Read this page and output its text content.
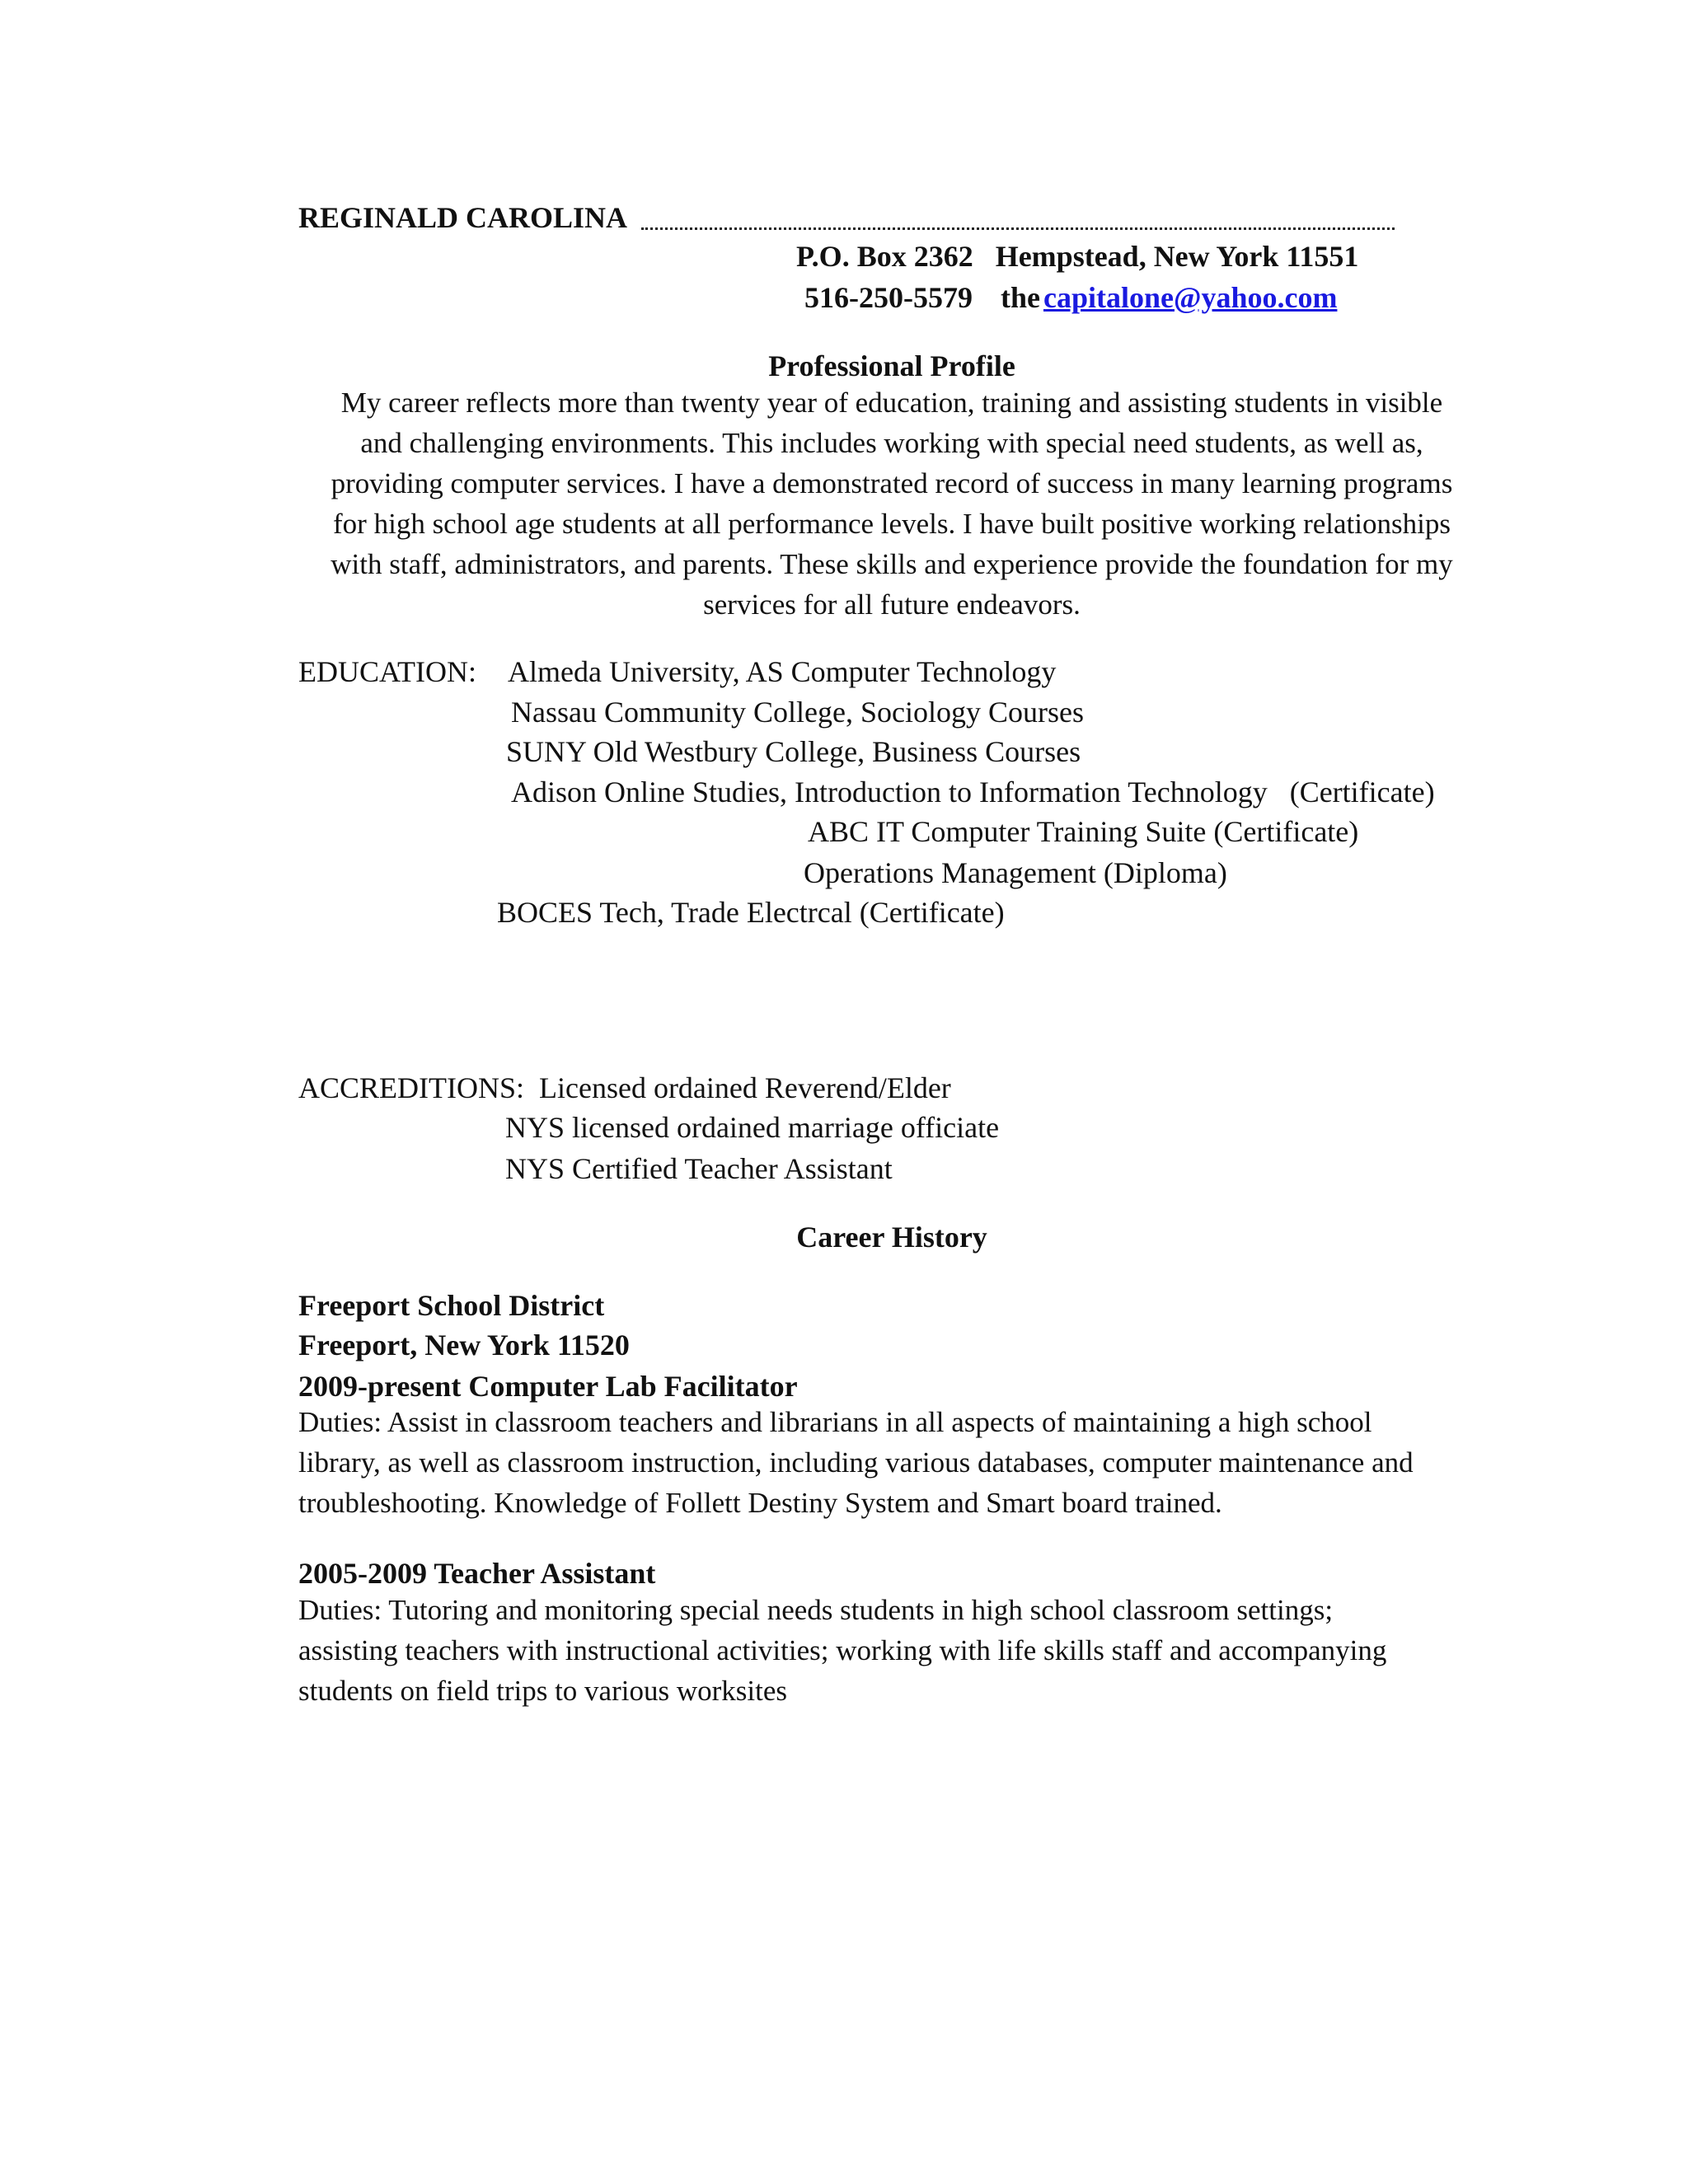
REGINALD CAROLINA
P.O. Box 2362   Hempstead, New York 11551
516-250-5579 the capitalone@yahoo.com
Professional Profile
My career reflects more than twenty year of education, training and assisting students in visible
and challenging environments. This includes working with special need students, as well as,
providing computer services. I have a demonstrated record of success in many learning programs
for high school age students at all performance levels. I have built positive working relationships
with staff, administrators, and parents. These skills and experience provide the foundation for my
services for all future endeavors.
EDUCATION: Almeda University, AS Computer Technology
Nassau Community College, Sociology Courses
SUNY Old Westbury College, Business Courses
Adison Online Studies, Introduction to Information Technology   (Certificate)
ABC IT Computer Training Suite (Certificate)
Operations Management (Diploma)
BOCES Tech, Trade Electrcal (Certificate)
ACCREDITIONS: Licensed ordained Reverend/Elder
NYS licensed ordained marriage officiate
NYS Certified Teacher Assistant
Career History
Freeport School District
Freeport, New York 11520
2009-present Computer Lab Facilitator
Duties: Assist in classroom teachers and librarians in all aspects of maintaining a high school
library, as well as classroom instruction, including various databases, computer maintenance and
troubleshooting. Knowledge of Follett Destiny System and Smart board trained.
2005-2009 Teacher Assistant
Duties: Tutoring and monitoring special needs students in high school classroom settings;
assisting teachers with instructional activities; working with life skills staff and accompanying
students on field trips to various worksites
